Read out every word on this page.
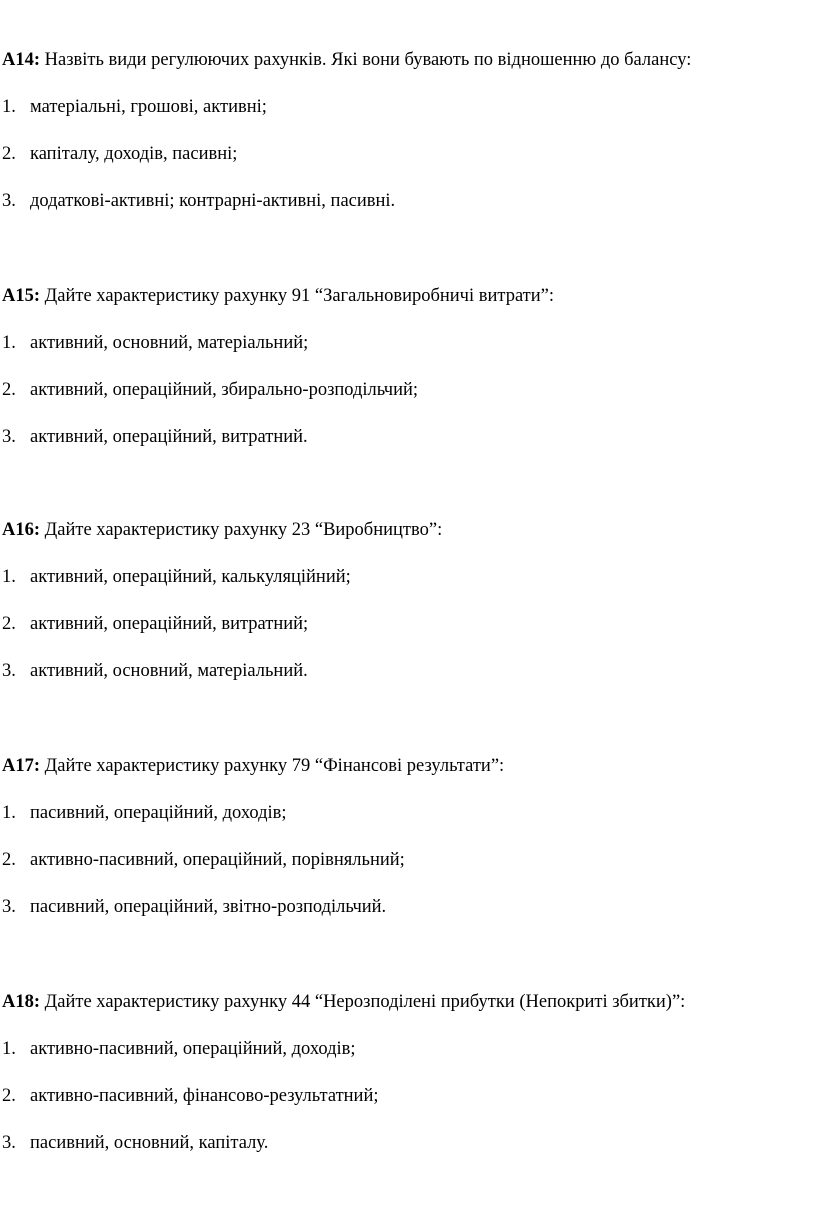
А14: Назвіть види регулюючих рахунків. Які вони бувають по відношенню до балансу:
1. матеріальні, грошові, активні;
2. капіталу, доходів, пасивні;
3. додаткові-активні; контрарні-активні, пасивні.
А15: Дайте характеристику рахунку 91 “Загальновиробничі витрати”:
1. активний, основний, матеріальний;
2. активний, операційний, збирально-розподільчий;
3. активний, операційний, витратний.
А16: Дайте характеристику рахунку 23 “Виробництво”:
1. активний, операційний, калькуляційний;
2. активний, операційний, витратний;
3. активний, основний, матеріальний.
А17: Дайте характеристику рахунку 79 “Фінансові результати”:
1. пасивний, операційний, доходів;
2. активно-пасивний, операційний, порівняльний;
3. пасивний, операційний, звітно-розподільчий.
А18: Дайте характеристику рахунку 44 “Нерозподілені прибутки (Непокриті збитки)”:
1. активно-пасивний, операційний, доходів;
2. активно-пасивний, фінансово-результатний;
3. пасивний, основний, капіталу.
